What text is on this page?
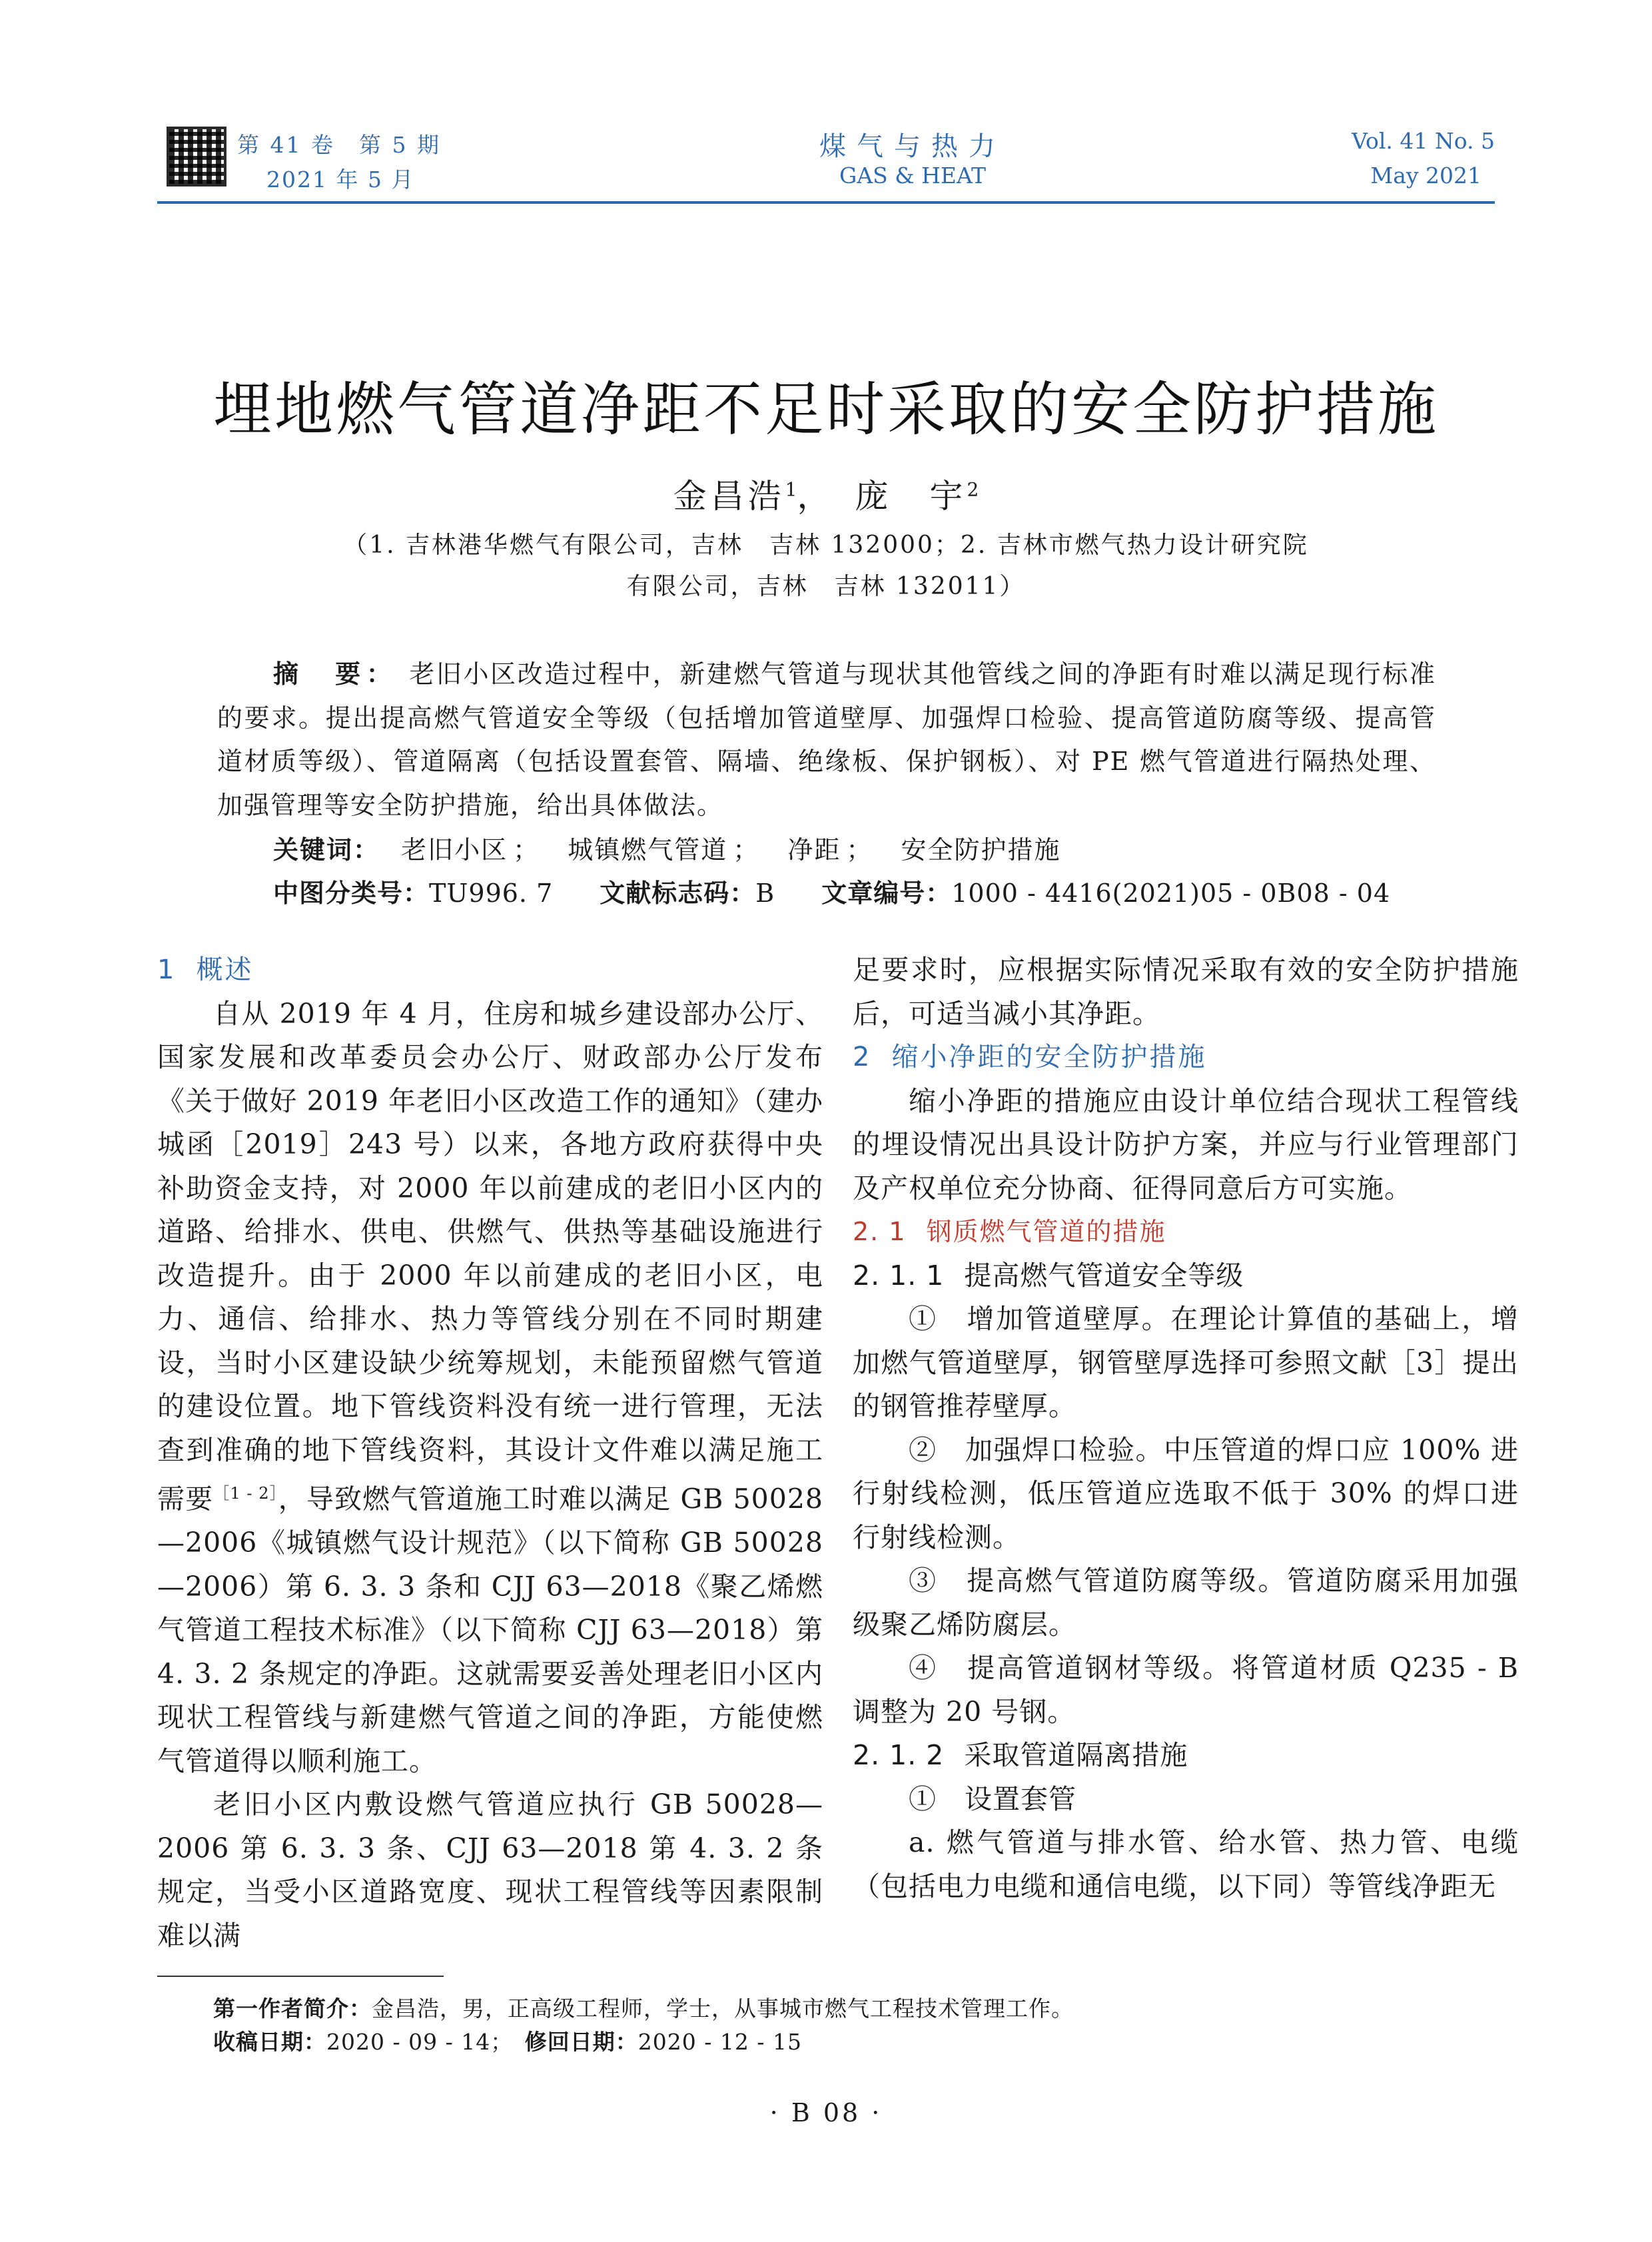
第 41 卷　第 5 期
2021 年 5 月
煤气与热力
GAS & HEAT
Vol. 41 No. 5
May 2021
埋地燃气管道净距不足时采取的安全防护措施
金昌浩$^1$，　庞　宇$^2$
（1. 吉林港华燃气有限公司，吉林　吉林 132000；2. 吉林市燃气热力设计研究院
有限公司，吉林　吉林 132011）
摘　要： 老旧小区改造过程中，新建燃气管道与现状其他管线之间的净距有时难以满足现行标准的要求。提出提高燃气管道安全等级（包括增加管道壁厚、加强焊口检验、提高管道防腐等级、提高管道材质等级）、管道隔离（包括设置套管、隔墙、绝缘板、保护钢板）、对 PE 燃气管道进行隔热处理、加强管理等安全防护措施，给出具体做法。
关键词： 老旧小区 ； 城镇燃气管道 ； 净距 ； 安全防护措施
中图分类号：TU996. 7 文献标志码：B 文章编号：1000 - 4416(2021)05 - 0B08 - 04

1 概述

自从 2019 年 4 月，住房和城乡建设部办公厅、国家发展和改革委员会办公厅、财政部办公厅发布《关于做好 2019 年老旧小区改造工作的通知》（建办城函［2019］243 号）以来，各地方政府获得中央补助资金支持，对 2000 年以前建成的老旧小区内的道路、给排水、供电、供燃气、供热等基础设施进行改造提升。由于 2000 年以前建成的老旧小区，电力、通信、给排水、热力等管线分别在不同时期建设，当时小区建设缺少统筹规划，未能预留燃气管道的建设位置。地下管线资料没有统一进行管理，无法查到准确的地下管线资料，其设计文件难以满足施工需要$^{[1 - 2]}$，导致燃气管道施工时难以满足 GB 50028—2006《城镇燃气设计规范》（以下简称 GB 50028—2006）第 6. 3. 3 条和 CJJ 63—2018《聚乙烯燃气管道工程技术标准》（以下简称 CJJ 63—2018）第 4. 3. 2 条规定的净距。这就需要妥善处理老旧小区内现状工程管线与新建燃气管道之间的净距，方能使燃气管道得以顺利施工。

老旧小区内敷设燃气管道应执行 GB 50028—2006 第 6. 3. 3 条、CJJ 63—2018 第 4. 3. 2 条规定，当受小区道路宽度、现状工程管线等因素限制难以满

足要求时，应根据实际情况采取有效的安全防护措施后，可适当减小其净距。

2 缩小净距的安全防护措施

缩小净距的措施应由设计单位结合现状工程管线的埋设情况出具设计防护方案，并应与行业管理部门及产权单位充分协商、征得同意后方可实施。

2. 1 钢质燃气管道的措施

2. 1. 1 提高燃气管道安全等级

①　增加管道壁厚。在理论计算值的基础上，增加燃气管道壁厚，钢管壁厚选择可参照文献［3］提出的钢管推荐壁厚。

②　加强焊口检验。中压管道的焊口应 100% 进行射线检测，低压管道应选取不低于 30% 的焊口进行射线检测。

③　提高燃气管道防腐等级。管道防腐采用加强级聚乙烯防腐层。

④　提高管道钢材等级。将管道材质 Q235 - B 调整为 20 号钢。

2. 1. 2 采取管道隔离措施

①　设置套管

a. 燃气管道与排水管、给水管、热力管、电缆（包括电力电缆和通信电缆，以下同）等管线净距无

第一作者简介：金昌浩，男，正高级工程师，学士，从事城市燃气工程技术管理工作。
收稿日期：2020 - 09 - 14；　 修回日期：2020 - 12 - 15
· B 08 ·
